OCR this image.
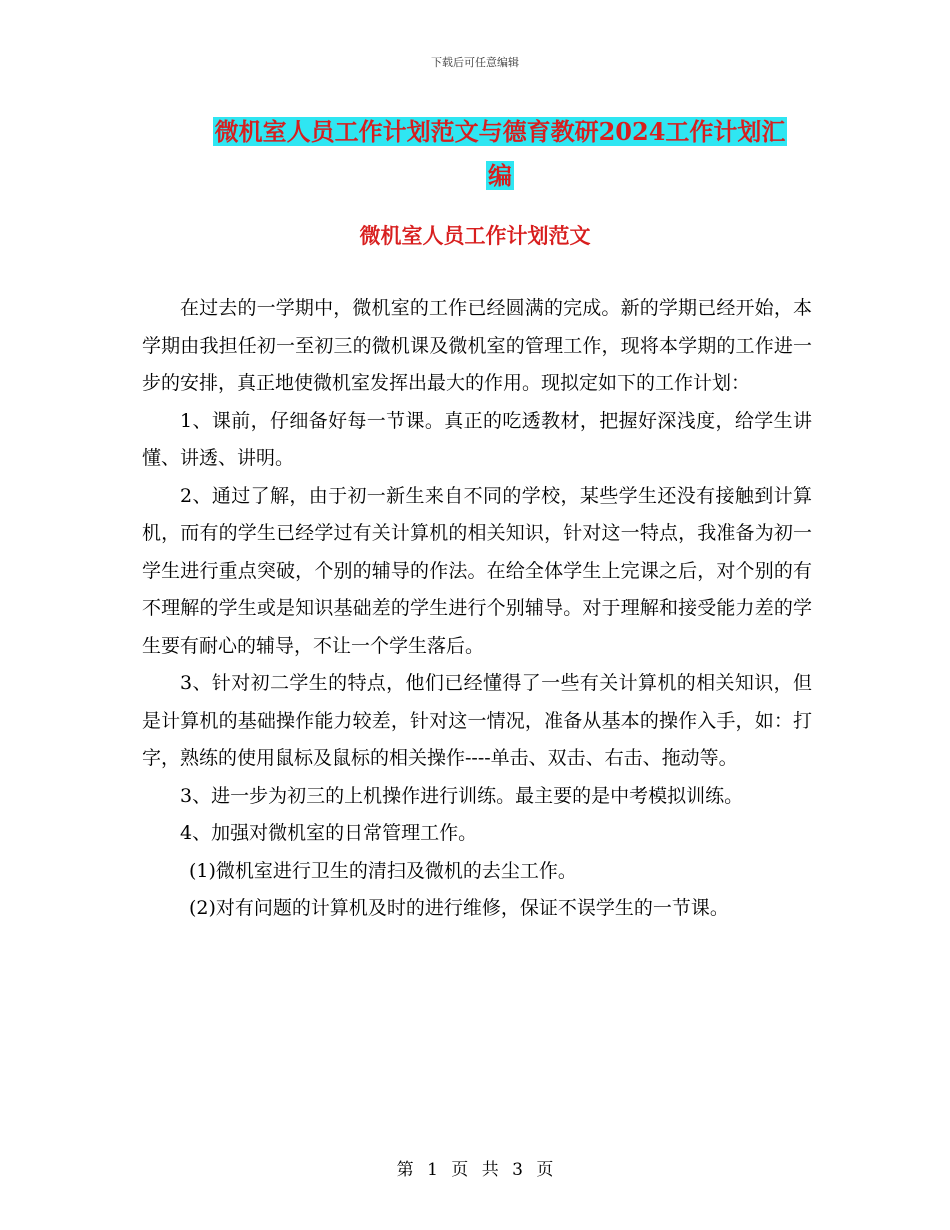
下载后可任意编辑
微机室人员工作计划范文与德育教研2024工作计划汇
编
微机室人员工作计划范文

在过去的一学期中，微机室的工作已经圆满的完成。新的学期已经开始，本学期由我担任初一至初三的微机课及微机室的管理工作，现将本学期的工作进一步的安排，真正地使微机室发挥出最大的作用。现拟定如下的工作计划：

1、课前，仔细备好每一节课。真正的吃透教材，把握好深浅度，给学生讲懂、讲透、讲明。

2、通过了解，由于初一新生来自不同的学校，某些学生还没有接触到计算机，而有的学生已经学过有关计算机的相关知识，针对这一特点，我准备为初一学生进行重点突破，个别的辅导的作法。在给全体学生上完课之后，对个别的有不理解的学生或是知识基础差的学生进行个别辅导。对于理解和接受能力差的学生要有耐心的辅导，不让一个学生落后。

3、针对初二学生的特点，他们已经懂得了一些有关计算机的相关知识，但是计算机的基础操作能力较差，针对这一情况，准备从基本的操作入手，如：打字，熟练的使用鼠标及鼠标的相关操作----单击、双击、右击、拖动等。

3、进一步为初三的上机操作进行训练。最主要的是中考模拟训练。

4、加强对微机室的日常管理工作。

(1)微机室进行卫生的清扫及微机的去尘工作。

(2)对有问题的计算机及时的进行维修，保证不误学生的一节课。

第 1 页 共 3 页
